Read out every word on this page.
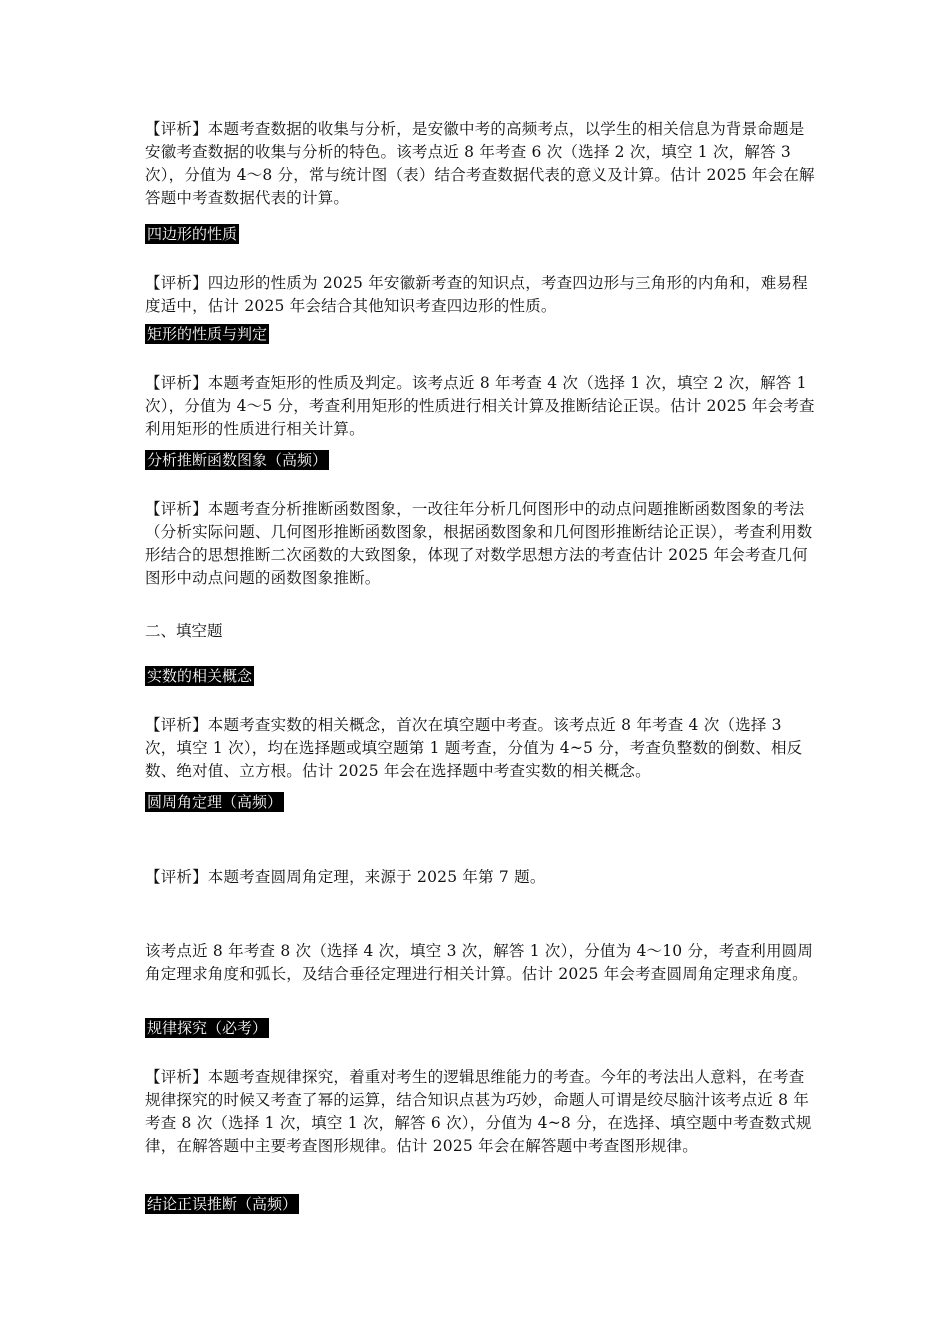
【评析】本题考查数据的收集与分析，是安徽中考的高频考点，以学生的相关信息为背景命题是安徽考查数据的收集与分析的特色。该考点近 8 年考查 6 次（选择 2 次，填空 1 次，解答 3 次），分值为 4～8 分，常与统计图（表）结合考查数据代表的意义及计算。估计 2025 年会在解答题中考查数据代表的计算。

四边形的性质

【评析】四边形的性质为 2025 年安徽新考查的知识点，考查四边形与三角形的内角和，难易程度适中，估计 2025 年会结合其他知识考查四边形的性质。

矩形的性质与判定

【评析】本题考查矩形的性质及判定。该考点近 8 年考查 4 次（选择 1 次，填空 2 次，解答 1 次），分值为 4～5 分，考查利用矩形的性质进行相关计算及推断结论正误。估计 2025 年会考查利用矩形的性质进行相关计算。

分析推断函数图象（高频）

【评析】本题考查分析推断函数图象，一改往年分析几何图形中的动点问题推断函数图象的考法（分析实际问题、几何图形推断函数图象，根据函数图象和几何图形推断结论正误），考查利用数形结合的思想推断二次函数的大致图象，体现了对数学思想方法的考查估计 2025 年会考查几何图形中动点问题的函数图象推断。

二、填空题
实数的相关概念

【评析】本题考查实数的相关概念，首次在填空题中考查。该考点近 8 年考查 4 次（选择 3 次，填空 1 次），均在选择题或填空题第 1 题考查，分值为 4~5 分，考查负整数的倒数、相反数、绝对值、立方根。估计 2025 年会在选择题中考查实数的相关概念。

圆周角定理（高频）

【评析】本题考查圆周角定理，来源于 2025 年第 7 题。

该考点近 8 年考查 8 次（选择 4 次，填空 3 次，解答 1 次），分值为 4～10 分，考查利用圆周角定理求角度和弧长，及结合垂径定理进行相关计算。估计 2025 年会考查圆周角定理求角度。

规律探究（必考）

【评析】本题考查规律探究，着重对考生的逻辑思维能力的考查。今年的考法出人意料，在考查规律探究的时候又考查了幂的运算，结合知识点甚为巧妙，命题人可谓是绞尽脑汁该考点近 8 年考查 8 次（选择 1 次，填空 1 次，解答 6 次），分值为 4~8 分，在选择、填空题中考查数式规律，在解答题中主要考查图形规律。估计 2025 年会在解答题中考查图形规律。

结论正误推断（高频）
